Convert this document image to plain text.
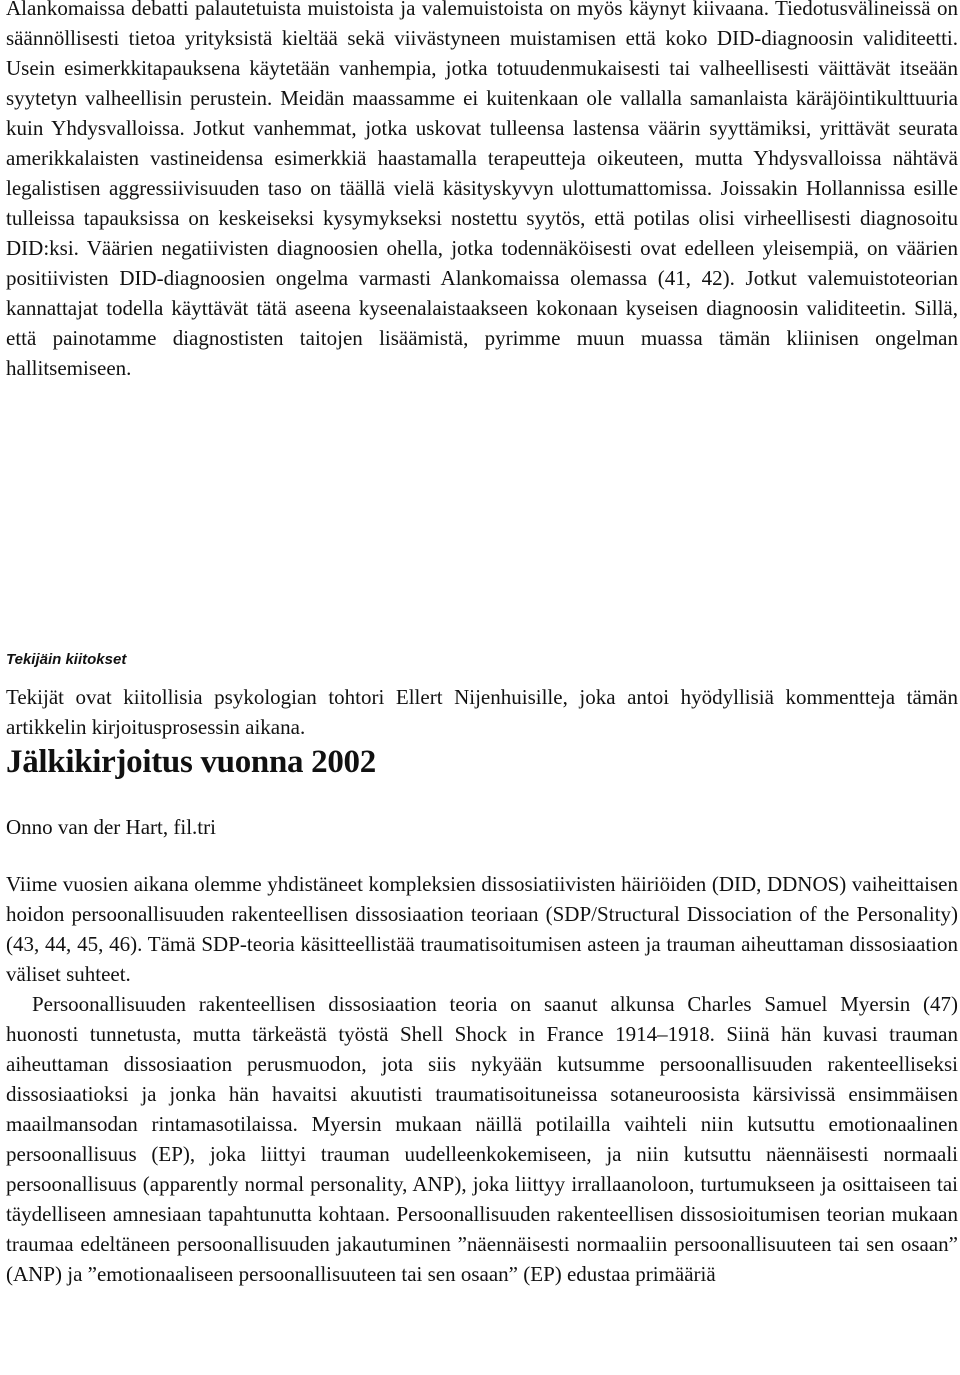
Alankomaissa debatti palautetuista muistoista ja valemuistoista on myös käynyt kiivaana. Tiedotusvälineissä on säännöllisesti tietoa yrityksistä kieltää sekä viivästyneen muistamisen että koko DID-diagnoosin validiteetti. Usein esimerkkitapauksena käytetään vanhempia, jotka totuudenmukaisesti tai valheellisesti väittävät itseään syytetyn valheellisin perustein. Meidän maassamme ei kuitenkaan ole vallalla samanlaista käräjöintikulttuuria kuin Yhdysvalloissa. Jotkut vanhemmat, jotka uskovat tulleensa lastensa väärin syyttämiksi, yrittävät seurata amerikkalaisten vastineidensa esimerkkiä haastamalla terapeutteja oikeuteen, mutta Yhdysvalloissa nähtävä legalistisen aggressiivisuuden taso on täällä vielä käsityskyvyn ulottumattomissa. Joissakin Hollannissa esille tulleissa tapauksissa on keskeiseksi kysymykseksi nostettu syytös, että potilas olisi virheellisesti diagnosoitu DID:ksi. Väärien negatiivisten diagnoosien ohella, jotka todennäköisesti ovat edelleen yleisempiä, on väärien positiivisten DID-diagnoosien ongelma varmasti Alankomaissa olemassa (41, 42). Jotkut valemuistoteorian kannattajat todella käyttävät tätä aseena kyseenalaistaakseen kokonaan kyseisen diagnoosin validiteetin. Sillä, että painotamme diagnostisten taitojen lisäämistä, pyrimme muun muassa tämän kliinisen ongelman hallitsemiseen.

Tekijäin kiitokset

Tekijät ovat kiitollisia psykologian tohtori Ellert Nijenhuisille, joka antoi hyödyllisiä kommentteja tämän artikkelin kirjoitusprosessin aikana.

Jälkikirjoitus vuonna 2002

Onno van der Hart, fil.tri

Viime vuosien aikana olemme yhdistäneet kompleksien dissosiatiivisten häiriöiden (DID, DDNOS) vaiheittaisen hoidon persoonallisuuden rakenteellisen dissosiaation teoriaan (SDP/Structural Dissociation of the Personality) (43, 44, 45, 46). Tämä SDP-teoria käsitteellistää traumatisoitumisen asteen ja trauman aiheuttaman dissosiaation väliset suhteet.

Persoonallisuuden rakenteellisen dissosiaation teoria on saanut alkunsa Charles Samuel Myersin (47) huonosti tunnetusta, mutta tärkeästä työstä Shell Shock in France 1914–1918. Siinä hän kuvasi trauman aiheuttaman dissosiaation perusmuodon, jota siis nykyään kutsumme persoonallisuuden rakenteelliseksi dissosiaatioksi ja jonka hän havaitsi akuutisti traumatisoituneissa sotaneuroosista kärsivissä ensimmäisen maailmansodan rintamasotilaissa. Myersin mukaan näillä potilailla vaihteli niin kutsuttu emotionaalinen persoonallisuus (EP), joka liittyi trauman uudelleenkokemiseen, ja niin kutsuttu näennäisesti normaali persoonallisuus (apparently normal personality, ANP), joka liittyy irrallaanoloon, turtumukseen ja osittaiseen tai täydelliseen amnesiaan tapahtunutta kohtaan. Persoonallisuuden rakenteellisen dissosioitumisen teorian mukaan traumaa edeltäneen persoonallisuuden jakautuminen ”näennäisesti normaaliin persoonallisuuteen tai sen osaan” (ANP) ja ”emotionaaliseen persoonallisuuteen tai sen osaan” (EP) edustaa primääriä
